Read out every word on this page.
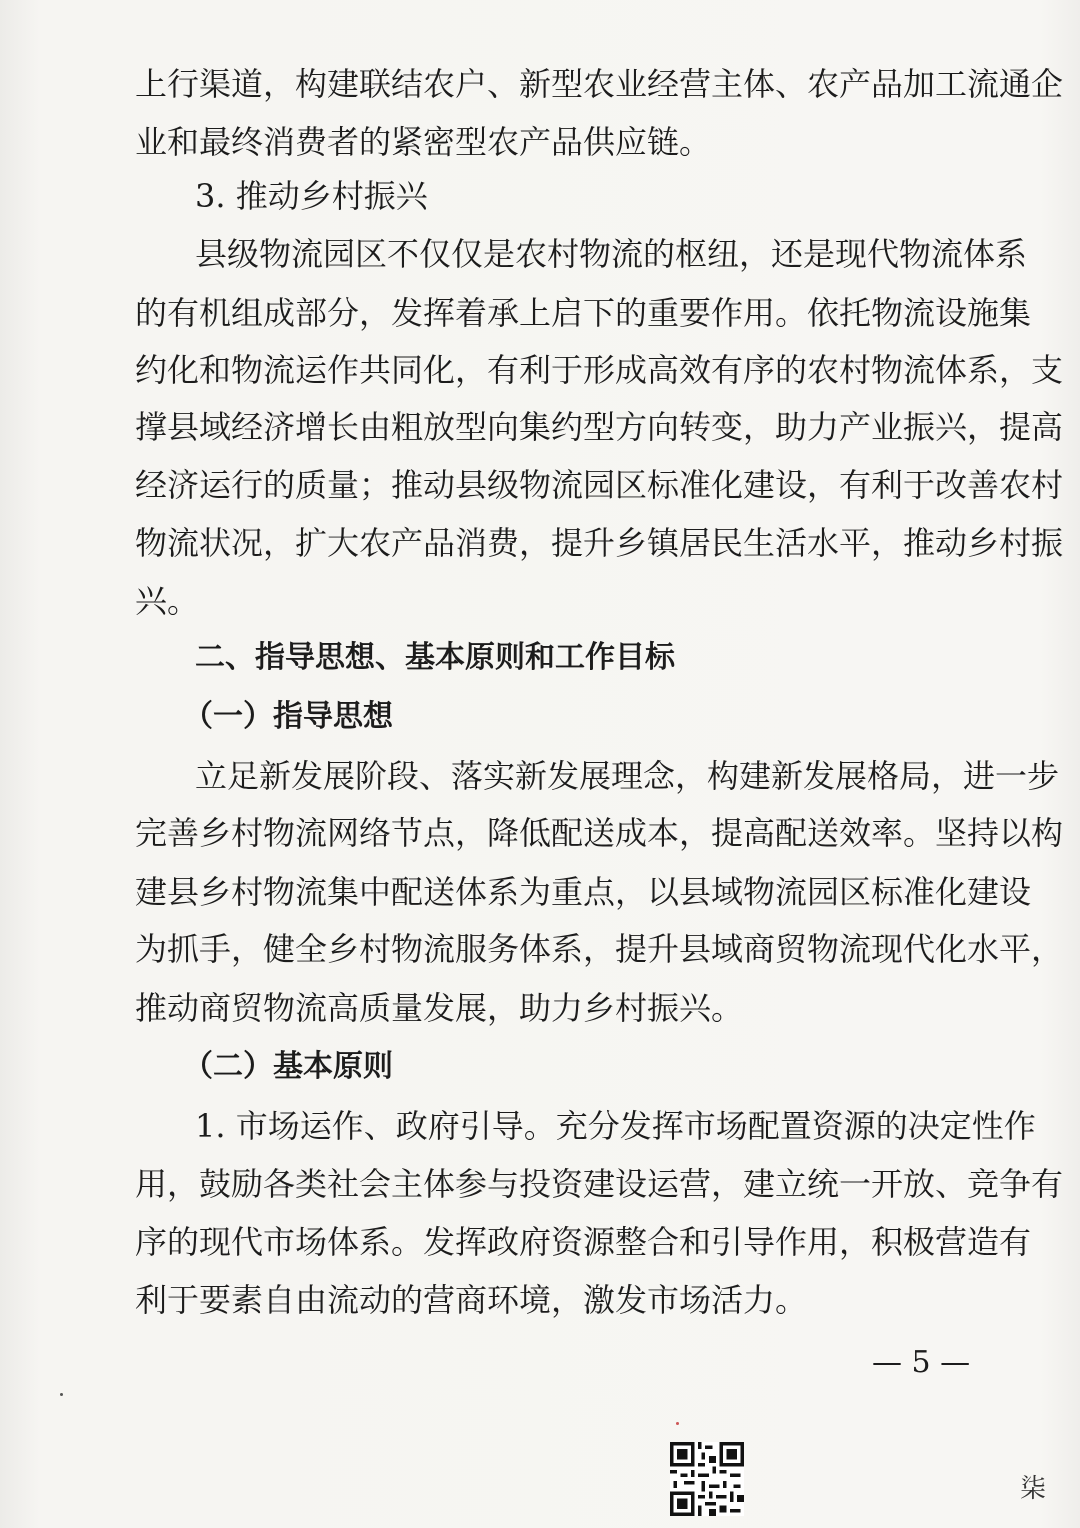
上行渠道，构建联结农户、新型农业经营主体、农产品加工流通企
业和最终消费者的紧密型农产品供应链。
3. 推动乡村振兴
县级物流园区不仅仅是农村物流的枢纽，还是现代物流体系
的有机组成部分，发挥着承上启下的重要作用。依托物流设施集
约化和物流运作共同化，有利于形成高效有序的农村物流体系，支
撑县域经济增长由粗放型向集约型方向转变，助力产业振兴，提高
经济运行的质量；推动县级物流园区标准化建设，有利于改善农村
物流状况，扩大农产品消费，提升乡镇居民生活水平，推动乡村振
兴。
二、指导思想、基本原则和工作目标
（一）指导思想
立足新发展阶段、落实新发展理念，构建新发展格局，进一步
完善乡村物流网络节点，降低配送成本，提高配送效率。坚持以构
建县乡村物流集中配送体系为重点，以县域物流园区标准化建设
为抓手，健全乡村物流服务体系，提升县域商贸物流现代化水平，
推动商贸物流高质量发展，助力乡村振兴。
（二）基本原则
1. 市场运作、政府引导。充分发挥市场配置资源的决定性作
用，鼓励各类社会主体参与投资建设运营，建立统一开放、竞争有
序的现代市场体系。发挥政府资源整合和引导作用，积极营造有
利于要素自由流动的营商环境，激发市场活力。
— 5 —
柒
